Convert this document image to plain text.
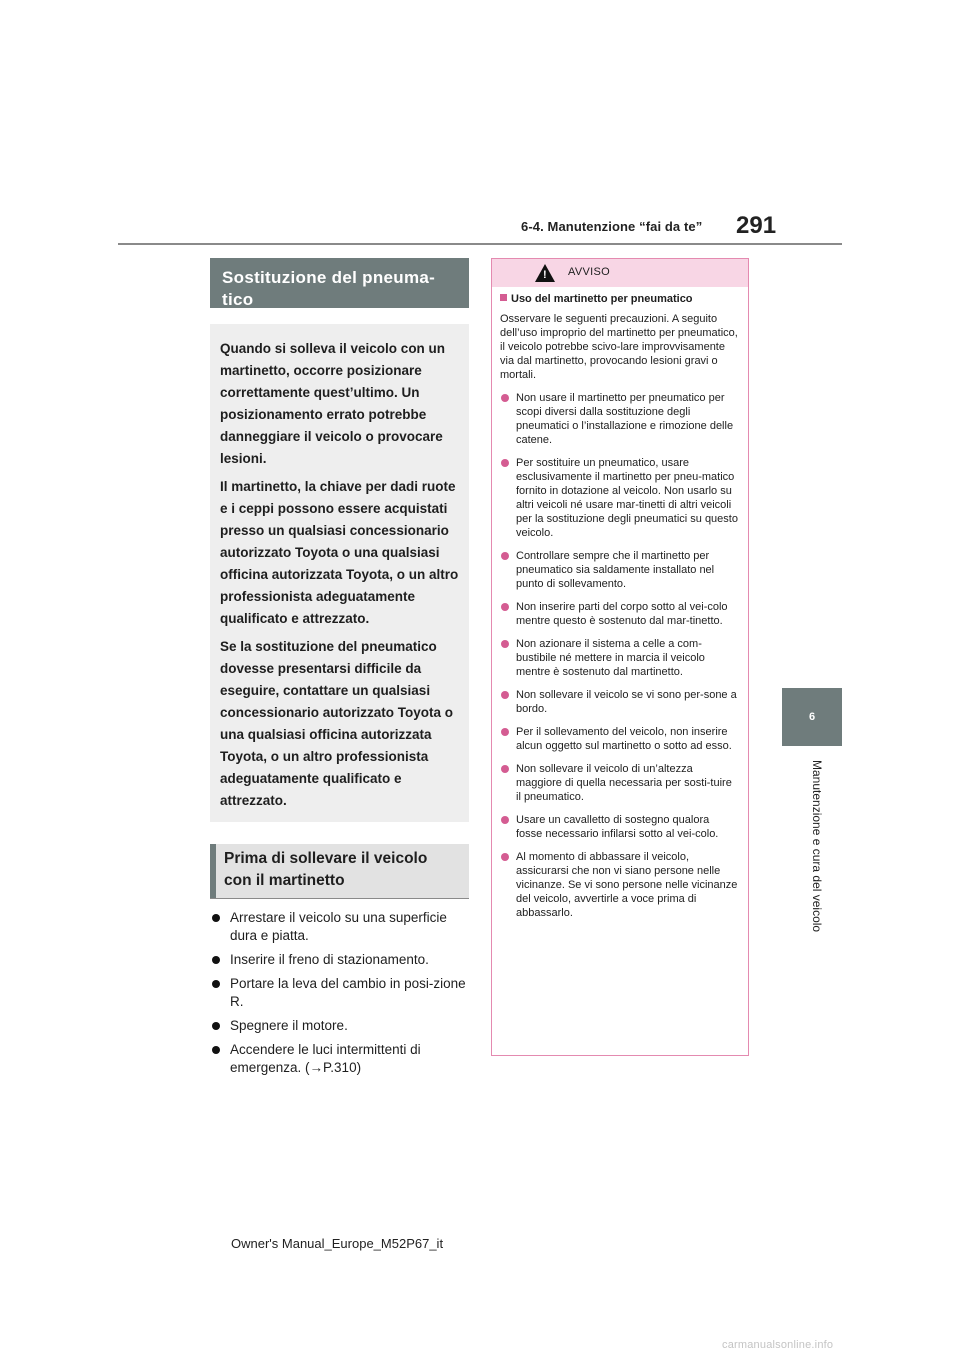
6-4. Manutenzione “fai da te” 291
6
Manutenzione e cura del veicolo
Sostituzione del pneuma-
tico

Quando si solleva il veicolo con un martinetto, occorre posizionare correttamente quest’ultimo. Un posizionamento errato potrebbe danneggiare il veicolo o provocare lesioni.

Il martinetto, la chiave per dadi ruote e i ceppi possono essere acquistati presso un qualsiasi concessionario autorizzato Toyota o una qualsiasi officina autorizzata Toyota, o un altro professionista adeguatamente qualificato e attrezzato.

Se la sostituzione del pneumatico dovesse presentarsi difficile da eseguire, contattare un qualsiasi concessionario autorizzato Toyota o una qualsiasi officina autorizzata Toyota, o un altro professionista adeguatamente qualificato e attrezzato.

Prima di sollevare il veicolo con il martinetto
Arrestare il veicolo su una superficie dura e piatta.
Inserire il freno di stazionamento.
Portare la leva del cambio in posi-zione R.
Spegnere il motore.
Accendere le luci intermittenti di emergenza. (→P.310)
! AVVISO

Uso del martinetto per pneumatico

Osservare le seguenti precauzioni. A seguito dell’uso improprio del martinetto per pneumatico, il veicolo potrebbe scivo-lare improvvisamente via dal martinetto, provocando lesioni gravi o mortali.

Non usare il martinetto per pneumatico per scopi diversi dalla sostituzione degli pneumatici o l’installazione e rimozione delle catene.
Per sostituire un pneumatico, usare esclusivamente il martinetto per pneu-matico fornito in dotazione al veicolo. Non usarlo su altri veicoli né usare mar-tinetti di altri veicoli per la sostituzione degli pneumatici su questo veicolo.
Controllare sempre che il martinetto per pneumatico sia saldamente installato nel punto di sollevamento.
Non inserire parti del corpo sotto al vei-colo mentre questo è sostenuto dal mar-tinetto.
Non azionare il sistema a celle a com-bustibile né mettere in marcia il veicolo mentre è sostenuto dal martinetto.
Non sollevare il veicolo se vi sono per-sone a bordo.
Per il sollevamento del veicolo, non inserire alcun oggetto sul martinetto o sotto ad esso.
Non sollevare il veicolo di un’altezza maggiore di quella necessaria per sosti-tuire il pneumatico.
Usare un cavalletto di sostegno qualora fosse necessario infilarsi sotto al vei-colo.
Al momento di abbassare il veicolo, assicurarsi che non vi siano persone nelle vicinanze. Se vi sono persone nelle vicinanze del veicolo, avvertirle a voce prima di abbassarlo.
Owner's Manual_Europe_M52P67_it
carmanualsonline.info
